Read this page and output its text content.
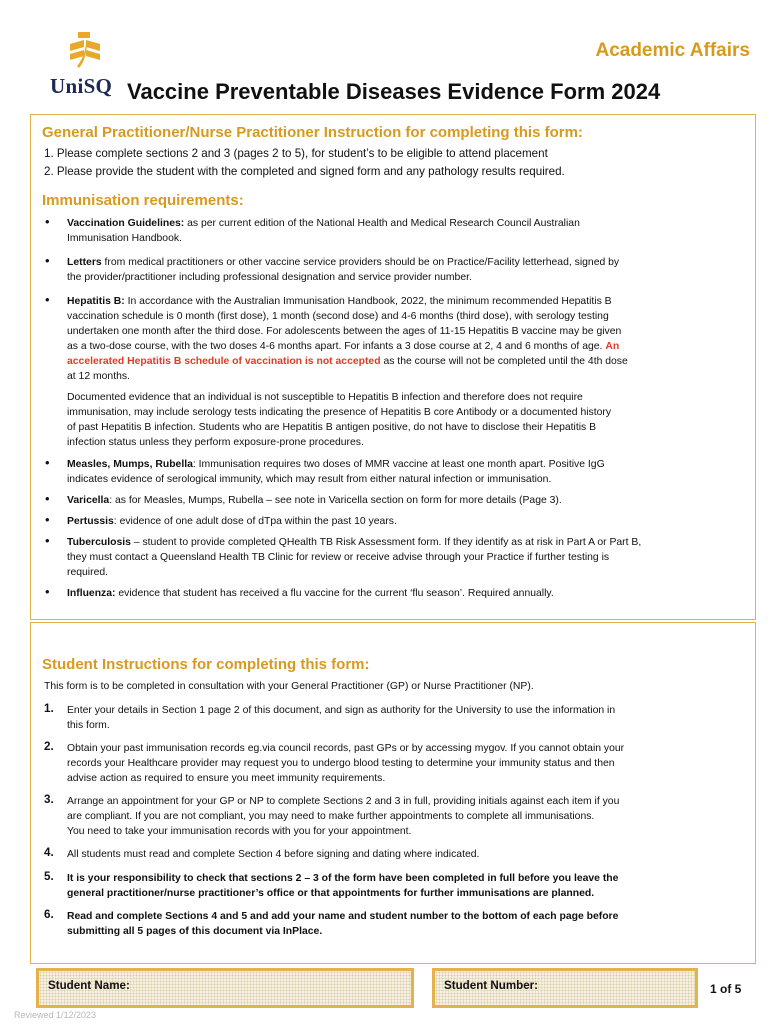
UniSQ
Academic Affairs
Vaccine Preventable Diseases Evidence Form 2024
General Practitioner/Nurse Practitioner Instruction for completing this form:
1. Please complete sections 2 and 3 (pages 2 to 5), for student’s to be eligible to attend placement
2. Please provide the student with the completed and signed form and any pathology results required.
Immunisation requirements:
• Vaccination Guidelines: as per current edition of the National Health and Medical Research Council Australian
Immunisation Handbook.
• Letters from medical practitioners or other vaccine service providers should be on Practice/Facility letterhead, signed by
the provider/practitioner including professional designation and service provider number.
• Hepatitis B: In accordance with the Australian Immunisation Handbook, 2022, the minimum recommended Hepatitis B
vaccination schedule is 0 month (first dose), 1 month (second dose) and 4-6 months (third dose), with serology testing
undertaken one month after the third dose. For adolescents between the ages of 11-15 Hepatitis B vaccine may be given
as a two-dose course, with the two doses 4-6 months apart. For infants a 3 dose course at 2, 4 and 6 months of age. An
accelerated Hepatitis B schedule of vaccination is not accepted as the course will not be completed until the 4th dose
at 12 months.
Documented evidence that an individual is not susceptible to Hepatitis B infection and therefore does not require
immunisation, may include serology tests indicating the presence of Hepatitis B core Antibody or a documented history
of past Hepatitis B infection. Students who are Hepatitis B antigen positive, do not have to disclose their Hepatitis B
infection status unless they perform exposure-prone procedures.
• Measles, Mumps, Rubella: Immunisation requires two doses of MMR vaccine at least one month apart. Positive IgG
indicates evidence of serological immunity, which may result from either natural infection or immunisation.
• Varicella: as for Measles, Mumps, Rubella – see note in Varicella section on form for more details (Page 3).
• Pertussis: evidence of one adult dose of dTpa within the past 10 years.
• Tuberculosis – student to provide completed QHealth TB Risk Assessment form. If they identify as at risk in Part A or Part B,
they must contact a Queensland Health TB Clinic for review or receive advise through your Practice if further testing is
required.
• Influenza: evidence that student has received a flu vaccine for the current ‘flu season’. Required annually.
Student Instructions for completing this form:
This form is to be completed in consultation with your General Practitioner (GP) or Nurse Practitioner (NP).
1. Enter your details in Section 1 page 2 of this document, and sign as authority for the University to use the information in
this form.
2. Obtain your past immunisation records eg.via council records, past GPs or by accessing mygov. If you cannot obtain your
records your Healthcare provider may request you to undergo blood testing to determine your immunity status and then
advise action as required to ensure you meet immunity requirements.
3. Arrange an appointment for your GP or NP to complete Sections 2 and 3 in full, providing initials against each item if you
are compliant. If you are not compliant, you may need to make further appointments to complete all immunisations.
You need to take your immunisation records with you for your appointment.
4. All students must read and complete Section 4 before signing and dating where indicated.
5. It is your responsibility to check that sections 2 – 3 of the form have been completed in full before you leave the
general practitioner/nurse practitioner’s office or that appointments for further immunisations are planned.
6. Read and complete Sections 4 and 5 and add your name and student number to the bottom of each page before
submitting all 5 pages of this document via InPlace.
Student Name:	Student Number:	1 of 5
Reviewed 1/12/2023
